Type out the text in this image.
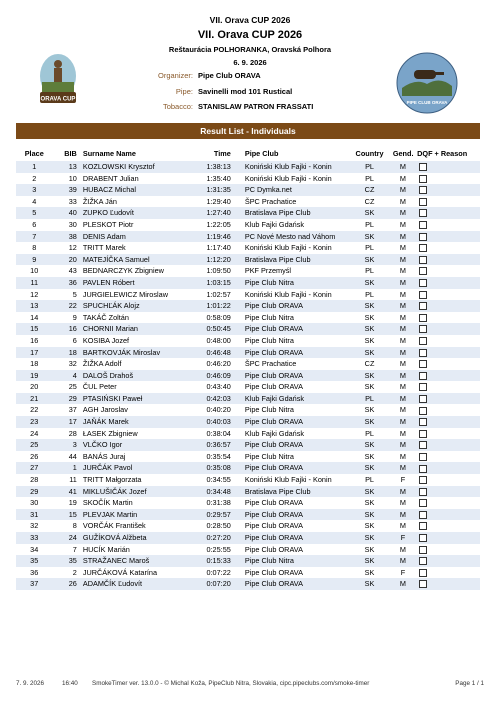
VII. Orava CUP 2026
VII. Orava CUP 2026
Reštaurácia POLHORANKA, Oravská Polhora
6. 9. 2026
Organizer: Pipe Club ORAVA
Pipe: Savinelli mod 101 Rustical
Tobacco: STANISLAW PATRON FRASSATI
ORAVA CUP	PIPE CLUB ORAVA
Result List - Individuals
Place	BIB	Surname Name	Time	Pipe Club	Country	Gend.	DQF + Reason
1	13	KOZLOWSKI Krysztof	1:38:13	Koniński Klub Fajki - Konin	PL	M	
2	10	DRABENT Julian	1:35:40	Koniński Klub Fajki - Konin	PL	M	
3	39	HUBACZ Michal	1:31:35	PC Dymka.net	CZ	M	
4	33	ŽIŽKA Ján	1:29:40	ŠPC Prachatice	CZ	M	
5	40	ZUPKO Ľudovít	1:27:40	Bratislava Pipe Club	SK	M	
6	30	PLESKOT Piotr	1:22:05	Klub Fajki Gdańsk	PL	M	
7	38	DENIS Adam	1:19:46	PC Nové Mesto nad Váhom	SK	M	
8	12	TRITT Marek	1:17:40	Koniński Klub Fajki - Konin	PL	M	
9	20	MATEJÍČKA Samuel	1:12:20	Bratislava Pipe Club	SK	M	
10	43	BEDNARCZYK Zbigniew	1:09:50	PKF Przemyśl	PL	M	
11	36	PAVLEN Róbert	1:03:15	Pipe Club Nitra	SK	M	
12	5	JURGIELEWICZ Miroslaw	1:02:57	Koniński Klub Fajki - Konin	PL	M	
13	22	SPUCHĽÁK Alojz	1:01:22	Pipe Club ORAVA	SK	M	
14	9	TAKÁČ Zoltán	0:58:09	Pipe Club Nitra	SK	M	
15	16	CHORNII Marian	0:50:45	Pipe Club ORAVA	SK	M	
16	6	KOSIBA Jozef	0:48:00	Pipe Club Nitra	SK	M	
17	18	BARTKOVJÁK Miroslav	0:46:48	Pipe Club ORAVA	SK	M	
18	32	ŽIŽKA Adolf	0:46:20	ŠPC Prachatice	CZ	M	
19	4	DALOŠ Drahoš	0:46:09	Pipe Club ORAVA	SK	M	
20	25	ČUL Peter	0:43:40	Pipe Club ORAVA	SK	M	
21	29	PTASIŃSKI Paweł	0:42:03	Klub Fajki Gdańsk	PL	M	
22	37	AGH Jaroslav	0:40:20	Pipe Club Nitra	SK	M	
23	17	JAŇÁK Marek	0:40:03	Pipe Club ORAVA	SK	M	
24	28	ŁASEK Zbigniew	0:38:04	Klub Fajki Gdańsk	PL	M	
25	3	VLČKO Igor	0:36:57	Pipe Club ORAVA	SK	M	
26	44	BANÁS Juraj	0:35:54	Pipe Club Nitra	SK	M	
27	1	JURČÁK Pavol	0:35:08	Pipe Club ORAVA	SK	M	
28	11	TRITT Małgorzata	0:34:55	Koniński Klub Fajki - Konin	PL	F	
29	41	MIKLUŠIČÁK Jozef	0:34:48	Bratislava Pipe Club	SK	M	
30	19	SKOČÍK Martin	0:31:38	Pipe Club ORAVA	SK	M	
31	15	PLEVJAK Martin	0:29:57	Pipe Club ORAVA	SK	M	
32	8	VORČÁK František	0:28:50	Pipe Club ORAVA	SK	M	
33	24	GUŽÍKOVÁ Alžbeta	0:27:20	Pipe Club ORAVA	SK	F	
34	7	HUCÍK Marián	0:25:55	Pipe Club ORAVA	SK	M	
35	35	STRAŽANEC Maroš	0:15:33	Pipe Club Nitra	SK	M	
36	2	JURČÁKOVÁ Katarína	0:07:22	Pipe Club ORAVA	SK	F	
37	26	ADAMČÍK Ľudovít	0:07:20	Pipe Club ORAVA	SK	M	
7. 9. 2026	16:40 SmokeTimer ver. 13.0.0 - © Michal Koža, PipeClub Nitra, Slovakia, cipc.pipeclubs.com/smoke-timer	Page 1 / 1
